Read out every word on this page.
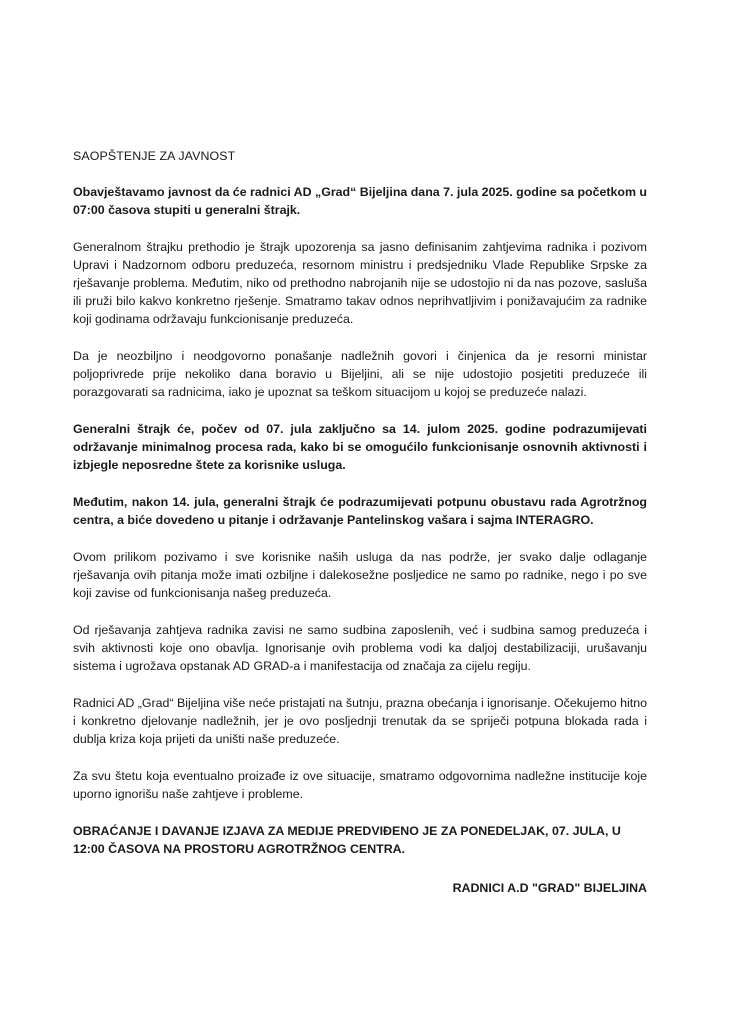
SAOPŠTENJE ZA JAVNOST

Obavještavamo javnost da će radnici AD „Grad“ Bijeljina dana 7. jula 2025. godine sa početkom u 07:00 časova stupiti u generalni štrajk.

Generalnom štrajku prethodio je štrajk upozorenja sa jasno definisanim zahtjevima radnika i pozivom Upravi i Nadzornom odboru preduzeća, resornom ministru i predsjedniku Vlade Republike Srpske za rješavanje problema. Međutim, niko od prethodno nabrojanih nije se udostojio ni da nas pozove, sasluša ili pruži bilo kakvo konkretno rješenje. Smatramo takav odnos neprihvatljivim i ponižavajućim za radnike koji godinama održavaju funkcionisanje preduzeća.

Da je neozbiljno i neodgovorno ponašanje nadležnih govori i činjenica da je resorni ministar poljoprivrede prije nekoliko dana boravio u Bijeljini, ali se nije udostojio posjetiti preduzeće ili porazgovarati sa radnicima, iako je upoznat sa teškom situacijom u kojoj se preduzeće nalazi.

Generalni štrajk će, počev od 07. jula zaključno sa 14. julom 2025. godine podrazumijevati održavanje minimalnog procesa rada, kako bi se omogućilo funkcionisanje osnovnih aktivnosti i izbjegle neposredne štete za korisnike usluga.

Međutim, nakon 14. jula, generalni štrajk će podrazumijevati potpunu obustavu rada Agrotržnog centra, a biće dovedeno u pitanje i održavanje Pantelinskog vašara i sajma INTERAGRO.

Ovom prilikom pozivamo i sve korisnike naših usluga da nas podrže, jer svako dalje odlaganje rješavanja ovih pitanja može imati ozbiljne i dalekosežne posljedice ne samo po radnike, nego i po sve koji zavise od funkcionisanja našeg preduzeća.

Od rješavanja zahtjeva radnika zavisi ne samo sudbina zaposlenih, već i sudbina samog preduzeća i svih aktivnosti koje ono obavlja. Ignorisanje ovih problema vodi ka daljoj destabilizaciji, urušavanju sistema i ugrožava opstanak AD GRAD-a i manifestacija od značaja za cijelu regiju.

Radnici AD „Grad“ Bijeljina više neće pristajati na šutnju, prazna obećanja i ignorisanje. Očekujemo hitno i konkretno djelovanje nadležnih, jer je ovo posljednji trenutak da se spriječi potpuna blokada rada i dublja kriza koja prijeti da uništi naše preduzeće.

Za svu štetu koja eventualno proizađe iz ove situacije, smatramo odgovornima nadležne institucije koje uporno ignorišu naše zahtjeve i probleme.

OBRAĆANJE I DAVANJE IZJAVA ZA MEDIJE PREDVIĐENO JE ZA PONEDELJAK, 07. JULA, U 12:00 ČASOVA NA PROSTORU AGROTRŽNOG CENTRA.

RADNICI A.D "GRAD" BIJELJINA
